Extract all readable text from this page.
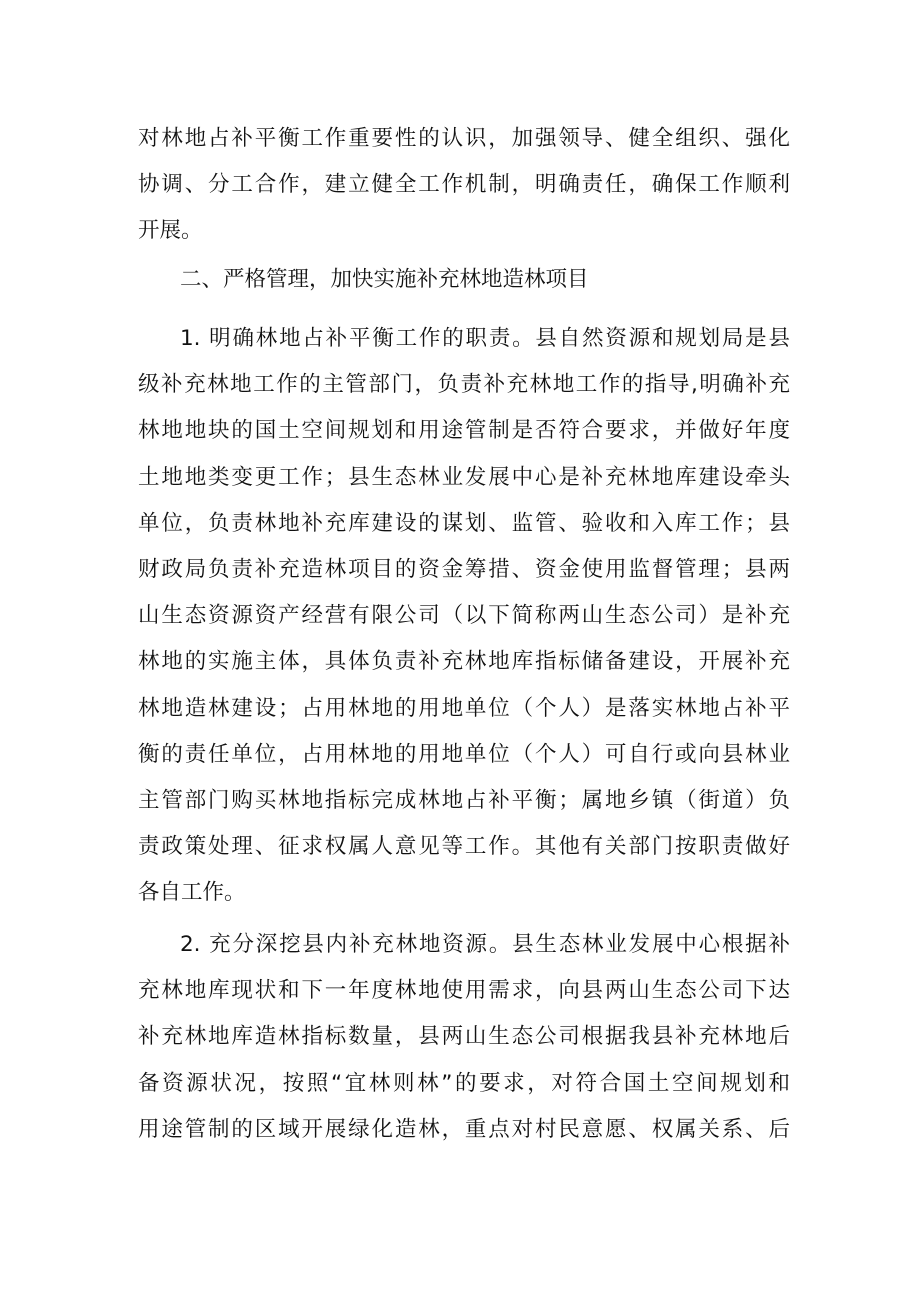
对林地占补平衡工作重要性的认识，加强领导、健全组织、强化
协调、分工合作，建立健全工作机制，明确责任，确保工作顺利
开展。
二、严格管理，加快实施补充林地造林项目
1. 明确林地占补平衡工作的职责。县自然资源和规划局是县
级补充林地工作的主管部门，负责补充林地工作的指导,明确补充
林地地块的国土空间规划和用途管制是否符合要求，并做好年度
土地地类变更工作；县生态林业发展中心是补充林地库建设牵头
单位，负责林地补充库建设的谋划、监管、验收和入库工作；县
财政局负责补充造林项目的资金筹措、资金使用监督管理；县两
山生态资源资产经营有限公司（以下简称两山生态公司）是补充
林地的实施主体，具体负责补充林地库指标储备建设，开展补充
林地造林建设；占用林地的用地单位（个人）是落实林地占补平
衡的责任单位，占用林地的用地单位（个人）可自行或向县林业
主管部门购买林地指标完成林地占补平衡；属地乡镇（街道）负
责政策处理、征求权属人意见等工作。其他有关部门按职责做好
各自工作。
2. 充分深挖县内补充林地资源。县生态林业发展中心根据补
充林地库现状和下一年度林地使用需求，向县两山生态公司下达
补充林地库造林指标数量，县两山生态公司根据我县补充林地后
备资源状况，按照“宜林则林”的要求，对符合国土空间规划和
用途管制的区域开展绿化造林，重点对村民意愿、权属关系、后
